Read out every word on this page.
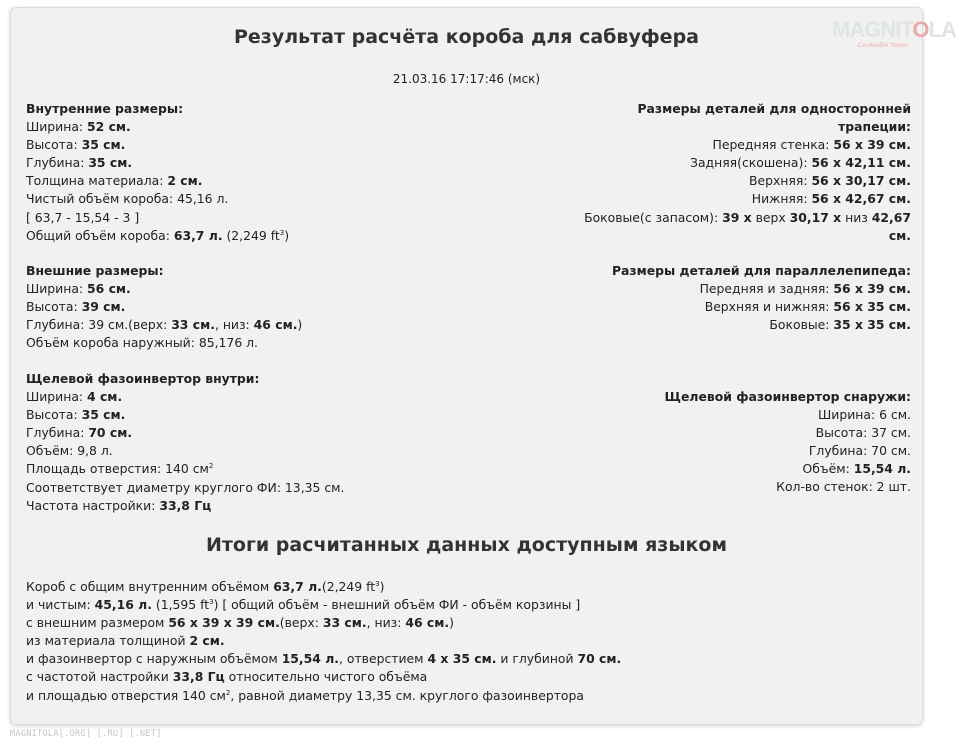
MAGNITOLA
CarAudio Team
Результат расчёта короба для сабвуфера
21.03.16 17:17:46 (мск)
Внутренние размеры:
Ширина: 52 см.
Высота: 35 см.
Глубина: 35 см.
Толщина материала: 2 см.
Чистый объём короба: 45,16 л.
[ 63,7 - 15,54 - 3 ]
Общий объём короба: 63,7 л. (2,249 $ft^3$)
Размеры деталей для односторонней трапеции:
Передняя стенка: 56 x 39 см.
Задняя(скошена): 56 x 42,11 см.
Верхняя: 56 x 30,17 см.
Нижняя: 56 x 42,67 см.
Боковые(с запасом): 39 x верх 30,17 x низ 42,67 см.
Внешние размеры:
Ширина: 56 см.
Высота: 39 см.
Глубина: 39 см.(верх: 33 см., низ: 46 см.)
Объём короба наружный: 85,176 л.
Размеры деталей для параллелепипеда:
Передняя и задняя: 56 x 39 см.
Верхняя и нижняя: 56 x 35 см.
Боковые: 35 x 35 см.
Щелевой фазоинвертор внутри:
Ширина: 4 см.
Высота: 35 см.
Глубина: 70 см.
Объём: 9,8 л.
Площадь отверстия: 140 $см^2$
Соответствует диаметру круглого ФИ: 13,35 см.
Частота настройки: 33,8 Гц
Щелевой фазоинвертор снаружи:
Ширина: 6 см.
Высота: 37 см.
Глубина: 70 см.
Объём: 15,54 л.
Кол-во стенок: 2 шт.
Итоги расчитанных данных доступным языком
Короб с общим внутренним объёмом 63,7 л.(2,249 $ft^3$)
и чистым: 45,16 л. (1,595 $ft^3$) [ общий объём - внешний объём ФИ - объём корзины ]
с внешним размером 56 x 39 x 39 см.(верх: 33 см., низ: 46 см.)
из материала толщиной 2 см.
и фазоинвертор с наружным объёмом 15,54 л., отверстием 4 x 35 см. и глубиной 70 см.
с частотой настройки 33,8 Гц относительно чистого объёма
и площадью отверстия 140 $см^2$, равной диаметру 13,35 см. круглого фазоинвертора
MAGNITOLA[.ORG] [.RU] [.NET]
